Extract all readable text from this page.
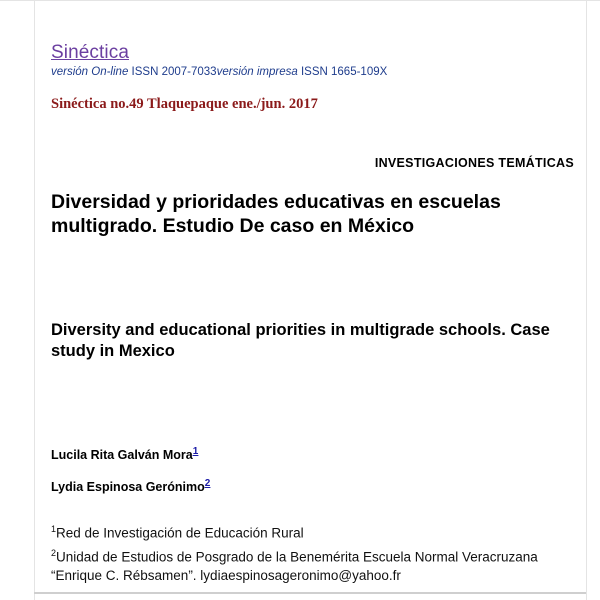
Sinéctica
versión On-line ISSN 2007-7033versión impresa ISSN 1665-109X
Sinéctica no.49 Tlaquepaque ene./jun. 2017
INVESTIGACIONES TEMÁTICAS
Diversidad y prioridades educativas en escuelas multigrado. Estudio De caso en México
Diversity and educational priorities in multigrade schools. Case study in Mexico
Lucila Rita Galván Mora$^1$
Lydia Espinosa Gerónimo$^2$
$^1$Red de Investigación de Educación Rural
$^2$Unidad de Estudios de Posgrado de la Benemérita Escuela Normal Veracruzana “Enrique C. Rébsamen”. lydiaespinosageronimo@yahoo.fr
